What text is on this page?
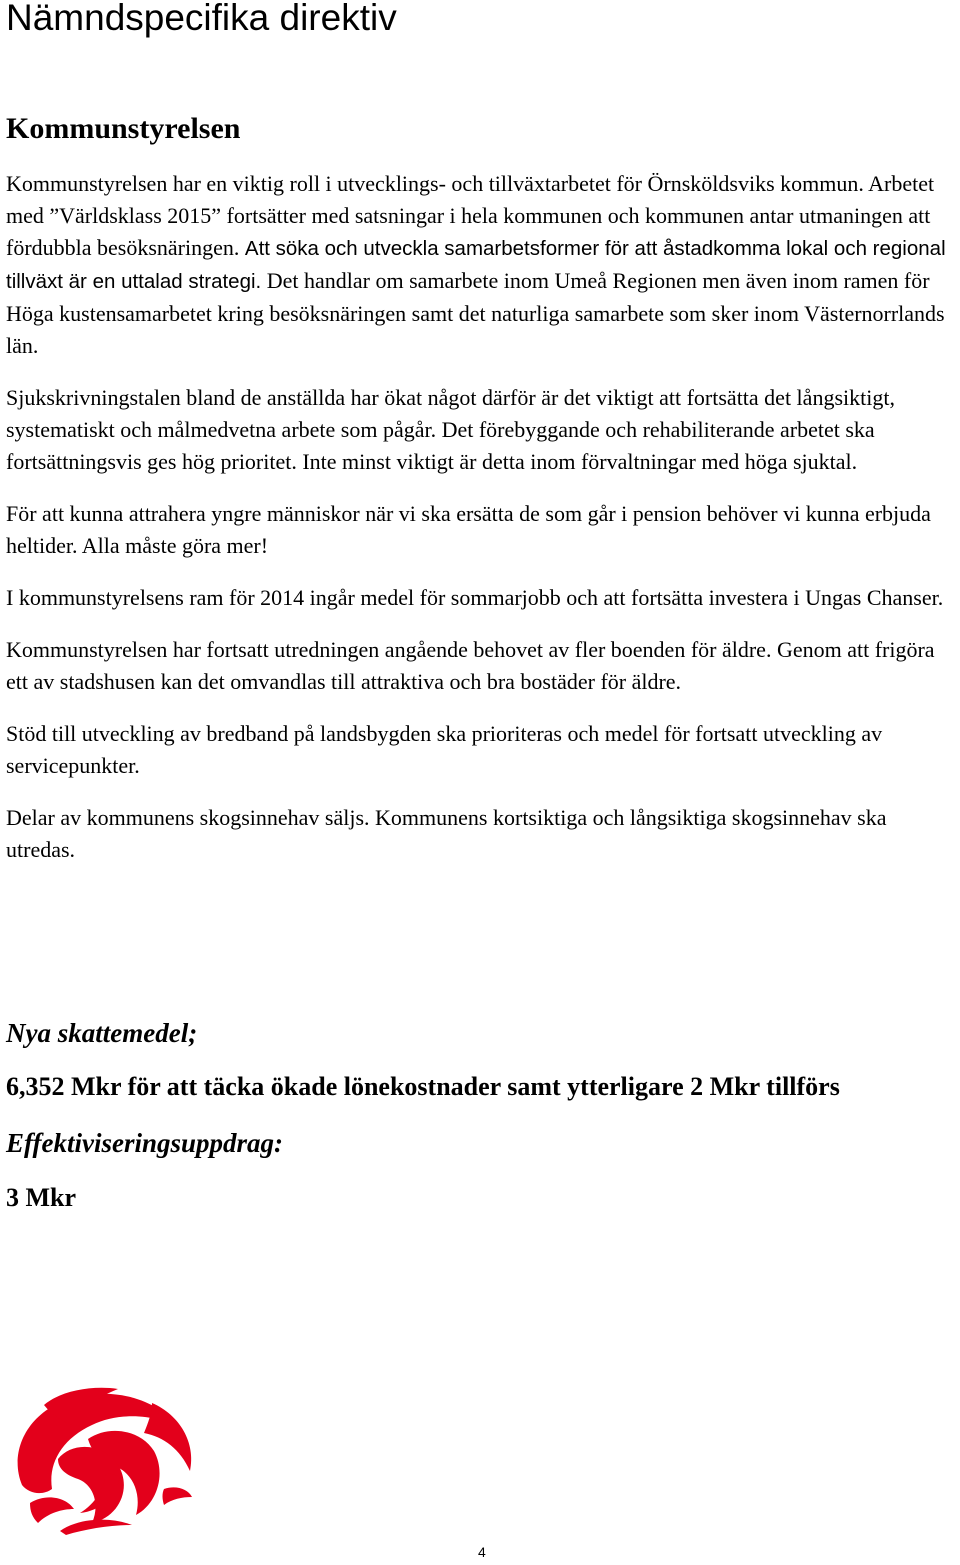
Nämndspecifika direktiv
Kommunstyrelsen

Kommunstyrelsen har en viktig roll i utvecklings- och tillväxtarbetet för Örnsköldsviks kommun. Arbetet med ”Världsklass 2015” fortsätter med satsningar i hela kommunen och kommunen antar utmaningen att fördubbla besöksnäringen. Att söka och utveckla samarbetsformer för att åstadkomma lokal och regional tillväxt är en uttalad strategi. Det handlar om samarbete inom Umeå Regionen men även inom ramen för Höga kustensamarbetet kring besöksnäringen samt det naturliga samarbete som sker inom Västernorrlands län.

Sjukskrivningstalen bland de anställda har ökat något därför är det viktigt att fortsätta det långsiktigt, systematiskt och målmedvetna arbete som pågår. Det förebyggande och rehabiliterande arbetet ska fortsättningsvis ges hög prioritet. Inte minst viktigt är detta inom förvaltningar med höga sjuktal.

För att kunna attrahera yngre människor när vi ska ersätta de som går i pension behöver vi kunna erbjuda heltider. Alla måste göra mer!

I kommunstyrelsens ram för 2014 ingår medel för sommarjobb och att fortsätta investera i Ungas Chanser.

Kommunstyrelsen har fortsatt utredningen angående behovet av fler boenden för äldre. Genom att frigöra ett av stadshusen kan det omvandlas till attraktiva och bra bostäder för äldre.

Stöd till utveckling av bredband på landsbygden ska prioriteras och medel för fortsatt utveckling av servicepunkter.

Delar av kommunens skogsinnehav säljs. Kommunens kortsiktiga och långsiktiga skogsinnehav ska utredas.

Nya skattemedel;

6,352 Mkr för att täcka ökade lönekostnader samt ytterligare 2 Mkr tillförs

Effektiviseringsuppdrag:

3 Mkr

4
